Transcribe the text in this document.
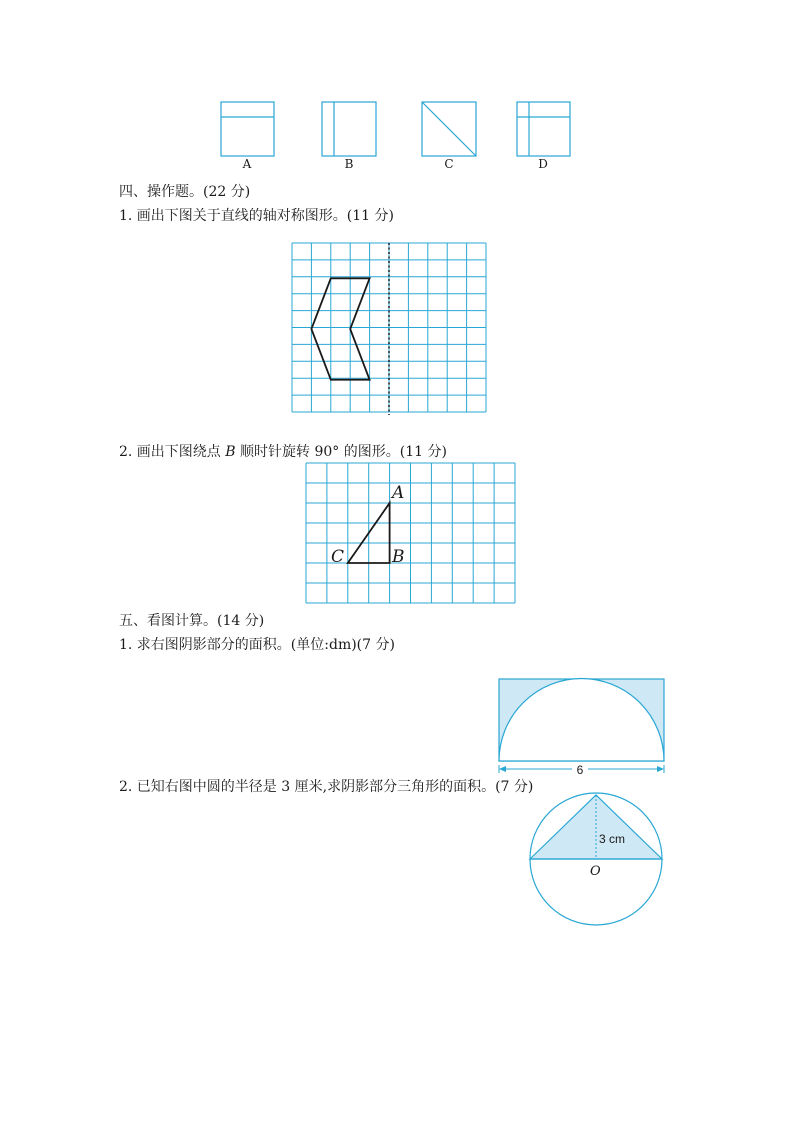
A	B	C	D
四、操作题。(22 分)
1. 画出下图关于直线的轴对称图形。(11 分)
2. 画出下图绕点 B 顺时针旋转 90° 的图形。(11 分)
A
B
C
五、看图计算。(14 分)
1. 求右图阴影部分的面积。(单位:dm)(7 分)
6
2. 已知右图中圆的半径是 3 厘米,求阴影部分三角形的面积。(7 分)
3 cm
O
